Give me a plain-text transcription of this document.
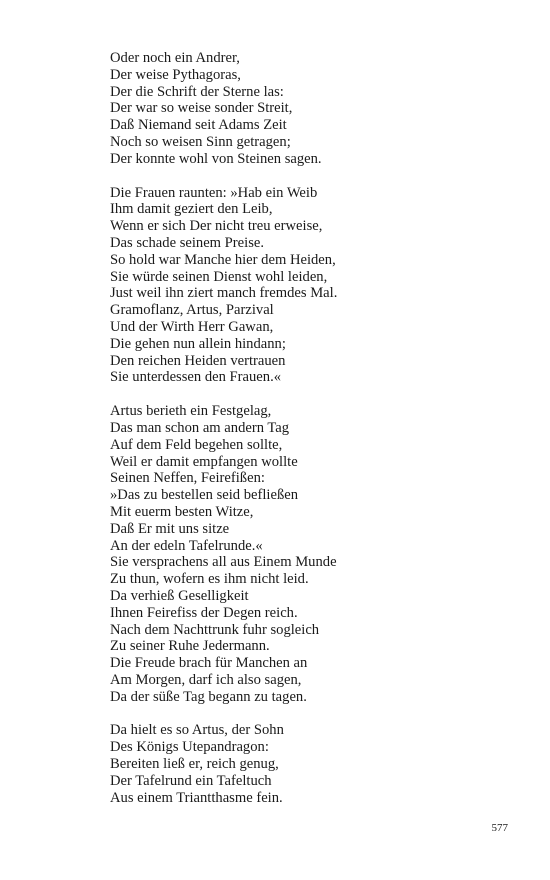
Oder noch ein Andrer,
Der weise Pythagoras,
Der die Schrift der Sterne las:
Der war so weise sonder Streit,
Daß Niemand seit Adams Zeit
Noch so weisen Sinn getragen;
Der konnte wohl von Steinen sagen.
Die Frauen raunten: »Hab ein Weib
Ihm damit geziert den Leib,
Wenn er sich Der nicht treu erweise,
Das schade seinem Preise.
So hold war Manche hier dem Heiden,
Sie würde seinen Dienst wohl leiden,
Just weil ihn ziert manch fremdes Mal.
Gramoflanz, Artus, Parzival
Und der Wirth Herr Gawan,
Die gehen nun allein hindann;
Den reichen Heiden vertrauen
Sie unterdessen den Frauen.«
Artus berieth ein Festgelag,
Das man schon am andern Tag
Auf dem Feld begehen sollte,
Weil er damit empfangen wollte
Seinen Neffen, Feirefißen:
»Das zu bestellen seid befließen
Mit euerm besten Witze,
Daß Er mit uns sitze
An der edeln Tafelrunde.«
Sie versprachens all aus Einem Munde
Zu thun, wofern es ihm nicht leid.
Da verhieß Geselligkeit
Ihnen Feirefiss der Degen reich.
Nach dem Nachttrunk fuhr sogleich
Zu seiner Ruhe Jedermann.
Die Freude brach für Manchen an
Am Morgen, darf ich also sagen,
Da der süße Tag begann zu tagen.
Da hielt es so Artus, der Sohn
Des Königs Utepandragon:
Bereiten ließ er, reich genug,
Der Tafelrund ein Tafeltuch
Aus einem Triantthasme fein.
577
